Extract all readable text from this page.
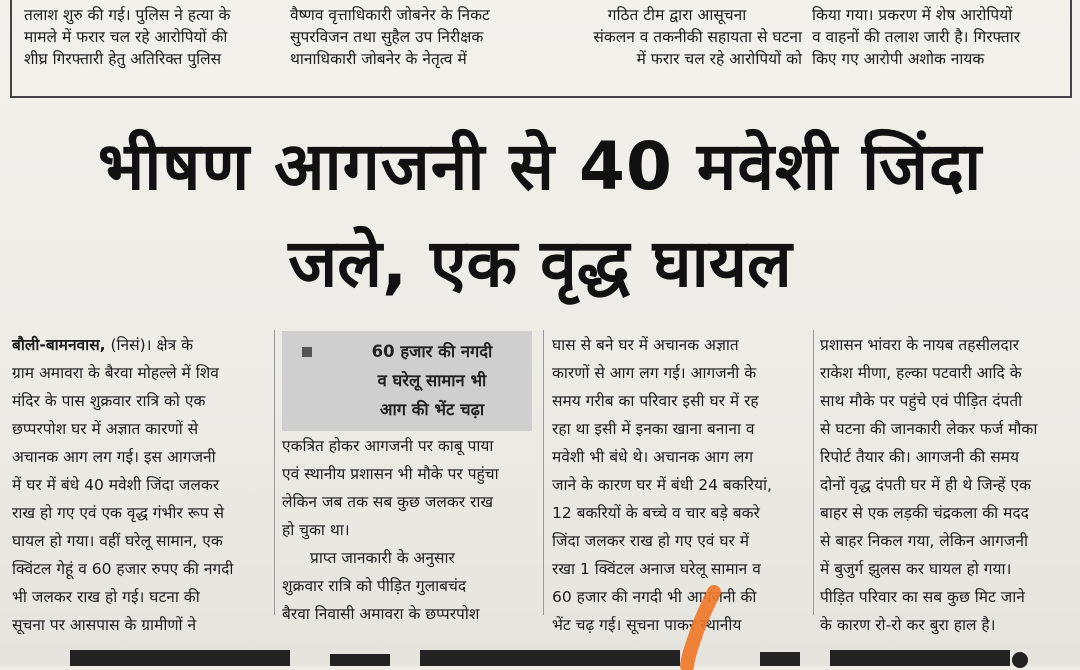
तलाश शुरु की गई। पुलिस ने हत्या के
मामले में फरार चल रहे आरोपियों की
शीघ्र गिरफ्तारी हेतु अतिरिक्त पुलिस
वैष्णव वृत्ताधिकारी जोबनेर के निकट
सुपरविजन तथा सुहैल उप निरीक्षक
थानाधिकारी जोबनेर के नेतृत्व में
गठित टीम द्वारा आसूचना
संकलन व तकनीकी सहायता से घटना
में फरार चल रहे आरोपियों को
किया गया। प्रकरण में शेष आरोपियों
व वाहनों की तलाश जारी है। गिरफ्तार
किए गए आरोपी अशोक नायक
भीषण आगजनी से 40 मवेशी जिंदा
जले, एक वृद्ध घायल
बौली-बामनवास, (निसं)। क्षेत्र के
ग्राम अमावरा के बैरवा मोहल्ले में शिव
मंदिर के पास शुक्रवार रात्रि को एक
छप्परपोश घर में अज्ञात कारणों से
अचानक आग लग गई। इस आगजनी
में घर में बंधे 40 मवेशी जिंदा जलकर
राख हो गए एवं एक वृद्ध गंभीर रूप से
घायल हो गया। वहीं घरेलू सामान, एक
क्विंटल गेहूं व 60 हजार रुपए की नगदी
भी जलकर राख हो गई। घटना की
सूचना पर आसपास के ग्रामीणों ने
60 हजार की नगदी
व घरेलू सामान भी
आग की भेंट चढ़ा
एकत्रित होकर आगजनी पर काबू पाया
एवं स्थानीय प्रशासन भी मौके पर पहुंचा
लेकिन जब तक सब कुछ जलकर राख
हो चुका था।
प्राप्त जानकारी के अनुसार
शुक्रवार रात्रि को पीड़ित गुलाबचंद
बैरवा निवासी अमावरा के छप्परपोश
घास से बने घर में अचानक अज्ञात
कारणों से आग लग गई। आगजनी के
समय गरीब का परिवार इसी घर में रह
रहा था इसी में इनका खाना बनाना व
मवेशी भी बंधे थे। अचानक आग लग
जाने के कारण घर में बंधी 24 बकरियां,
12 बकरियों के बच्चे व चार बड़े बकरे
जिंदा जलकर राख हो गए एवं घर में
रखा 1 क्विंटल अनाज घरेलू सामान व
60 हजार की नगदी भी आगजनी की
भेंट चढ़ गई। सूचना पाकर स्थानीय
प्रशासन भांवरा के नायब तहसीलदार
राकेश मीणा, हल्का पटवारी आदि के
साथ मौके पर पहुंचे एवं पीड़ित दंपती
से घटना की जानकारी लेकर फर्ज मौका
रिपोर्ट तैयार की। आगजनी की समय
दोनों वृद्ध दंपती घर में ही थे जिन्हें एक
बाहर से एक लड़की चंद्रकला की मदद
से बाहर निकल गया, लेकिन आगजनी
में बुजुर्ग झुलस कर घायल हो गया।
पीड़ित परिवार का सब कुछ मिट जाने
के कारण रो-रो कर बुरा हाल है।
